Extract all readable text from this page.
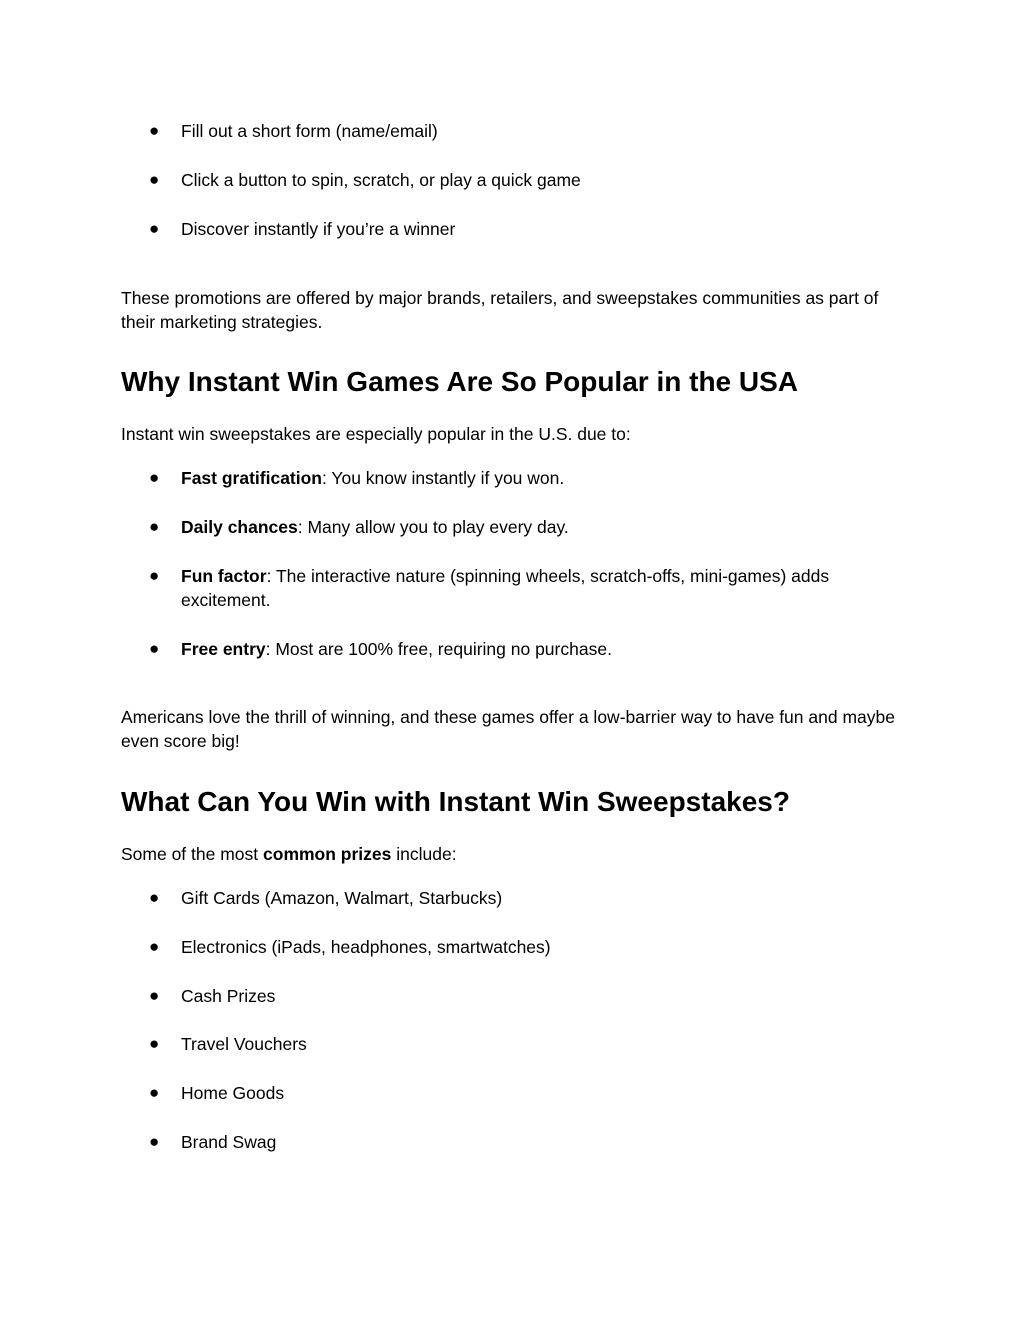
● Fill out a short form (name/email)
● Click a button to spin, scratch, or play a quick game
● Discover instantly if you’re a winner

These promotions are offered by major brands, retailers, and sweepstakes communities as part of their marketing strategies.

Why Instant Win Games Are So Popular in the USA

Instant win sweepstakes are especially popular in the U.S. due to:

● Fast gratification: You know instantly if you won.
● Daily chances: Many allow you to play every day.
● Fun factor: The interactive nature (spinning wheels, scratch-offs, mini-games) adds excitement.
● Free entry: Most are 100% free, requiring no purchase.

Americans love the thrill of winning, and these games offer a low-barrier way to have fun and maybe even score big!

What Can You Win with Instant Win Sweepstakes?

Some of the most common prizes include:

● Gift Cards (Amazon, Walmart, Starbucks)
● Electronics (iPads, headphones, smartwatches)
● Cash Prizes
● Travel Vouchers
● Home Goods
● Brand Swag
